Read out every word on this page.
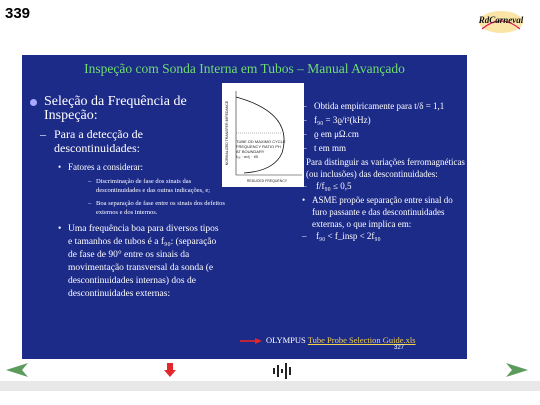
339	RdCarneval
Inspeção com Sonda Interna em Tubos – Manual Avançado
Seleção da Frequência de Inspeção:
– Para a detecção de descontinuidades:
• Fatores a considerar:
– Discriminação de fase dos sinais das descontinuidades e das outras indicações, e;
– Boa separação de fase entre os sinais dos defeitos externos e dos internos.
• Uma frequência boa para diversos tipos e tamanhos de tubos é a f₉₀: (separação de fase de 90° entre os sinais da movimentação transversal da sonda (e descontinuidades internas) dos de descontinuidades externas:
TUBE OD MAXIMO CYCLE
FREQUENCY RATIO PH
AT BOUNDARY
f₉₀ · σd₂ · t/δ
NORMALIZED TRANSFER IMPEDANCE
REDUCED FREQUENCY
– Obtida empiricamente para t/δ = 1,1
– f₉₀ = 3ϱ/t²(kHz)
– ϱ em μΩ.cm
– t em mm
Para distinguir as variações ferromagnéticas (ou inclusões) das descontinuidades:
– f/f₉₀ ≤ 0,5
• ASME propõe separação entre sinal do furo passante e das descontinuidades externas, o que implica em:
– f₉₀ < f_insp < 2f₉₀
OLYMPUS Tube Probe Selection Guide.xls
327
